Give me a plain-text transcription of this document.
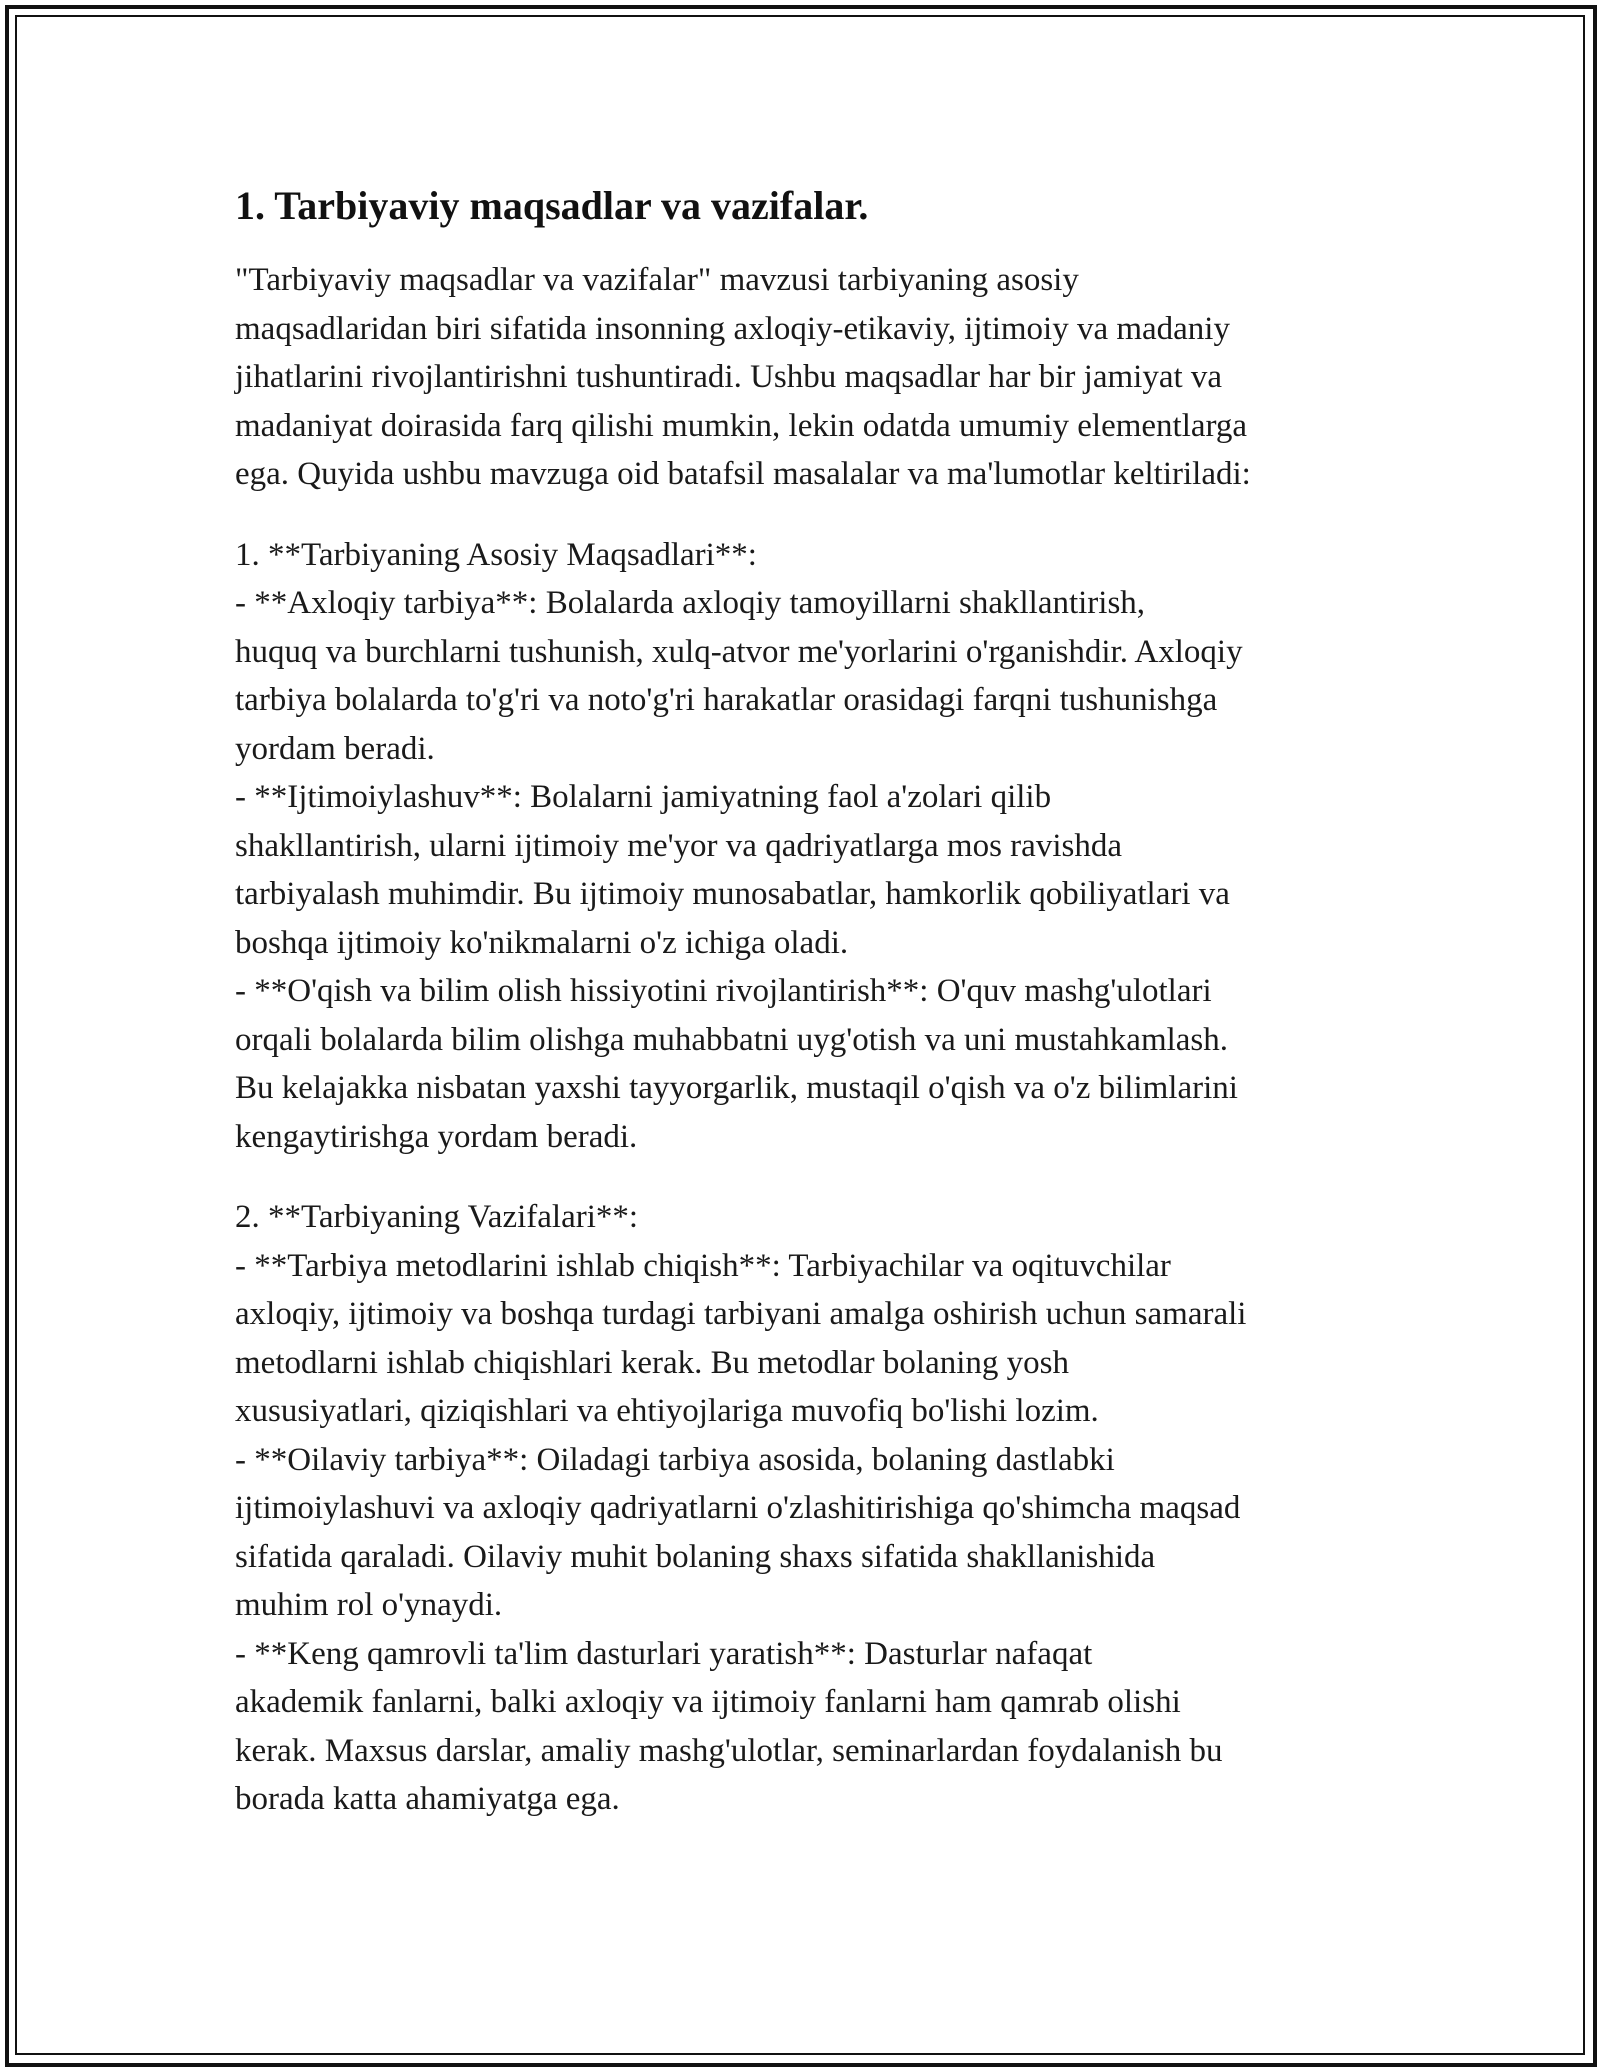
1. Tarbiyaviy maqsadlar va vazifalar.

"Tarbiyaviy maqsadlar va vazifalar" mavzusi tarbiyaning asosiy
maqsadlaridan biri sifatida insonning axloqiy-etikaviy, ijtimoiy va madaniy
jihatlarini rivojlantirishni tushuntiradi. Ushbu maqsadlar har bir jamiyat va
madaniyat doirasida farq qilishi mumkin, lekin odatda umumiy elementlarga
ega. Quyida ushbu mavzuga oid batafsil masalalar va ma'lumotlar keltiriladi:

1. **Tarbiyaning Asosiy Maqsadlari**:
- **Axloqiy tarbiya**: Bolalarda axloqiy tamoyillarni shakllantirish,
huquq va burchlarni tushunish, xulq-atvor me'yorlarini o'rganishdir. Axloqiy
tarbiya bolalarda to'g'ri va noto'g'ri harakatlar orasidagi farqni tushunishga
yordam beradi.
- **Ijtimoiylashuv**: Bolalarni jamiyatning faol a'zolari qilib
shakllantirish, ularni ijtimoiy me'yor va qadriyatlarga mos ravishda
tarbiyalash muhimdir. Bu ijtimoiy munosabatlar, hamkorlik qobiliyatlari va
boshqa ijtimoiy ko'nikmalarni o'z ichiga oladi.
- **O'qish va bilim olish hissiyotini rivojlantirish**: O'quv mashg'ulotlari
orqali bolalarda bilim olishga muhabbatni uyg'otish va uni mustahkamlash.
Bu kelajakka nisbatan yaxshi tayyorgarlik, mustaqil o'qish va o'z bilimlarini
kengaytirishga yordam beradi.

2. **Tarbiyaning Vazifalari**:
- **Tarbiya metodlarini ishlab chiqish**: Tarbiyachilar va oqituvchilar
axloqiy, ijtimoiy va boshqa turdagi tarbiyani amalga oshirish uchun samarali
metodlarni ishlab chiqishlari kerak. Bu metodlar bolaning yosh
xususiyatlari, qiziqishlari va ehtiyojlariga muvofiq bo'lishi lozim.
- **Oilaviy tarbiya**: Oiladagi tarbiya asosida, bolaning dastlabki
ijtimoiylashuvi va axloqiy qadriyatlarni o'zlashitirishiga qo'shimcha maqsad
sifatida qaraladi. Oilaviy muhit bolaning shaxs sifatida shakllanishida
muhim rol o'ynaydi.
- **Keng qamrovli ta'lim dasturlari yaratish**: Dasturlar nafaqat
akademik fanlarni, balki axloqiy va ijtimoiy fanlarni ham qamrab olishi
kerak. Maxsus darslar, amaliy mashg'ulotlar, seminarlardan foydalanish bu
borada katta ahamiyatga ega.
